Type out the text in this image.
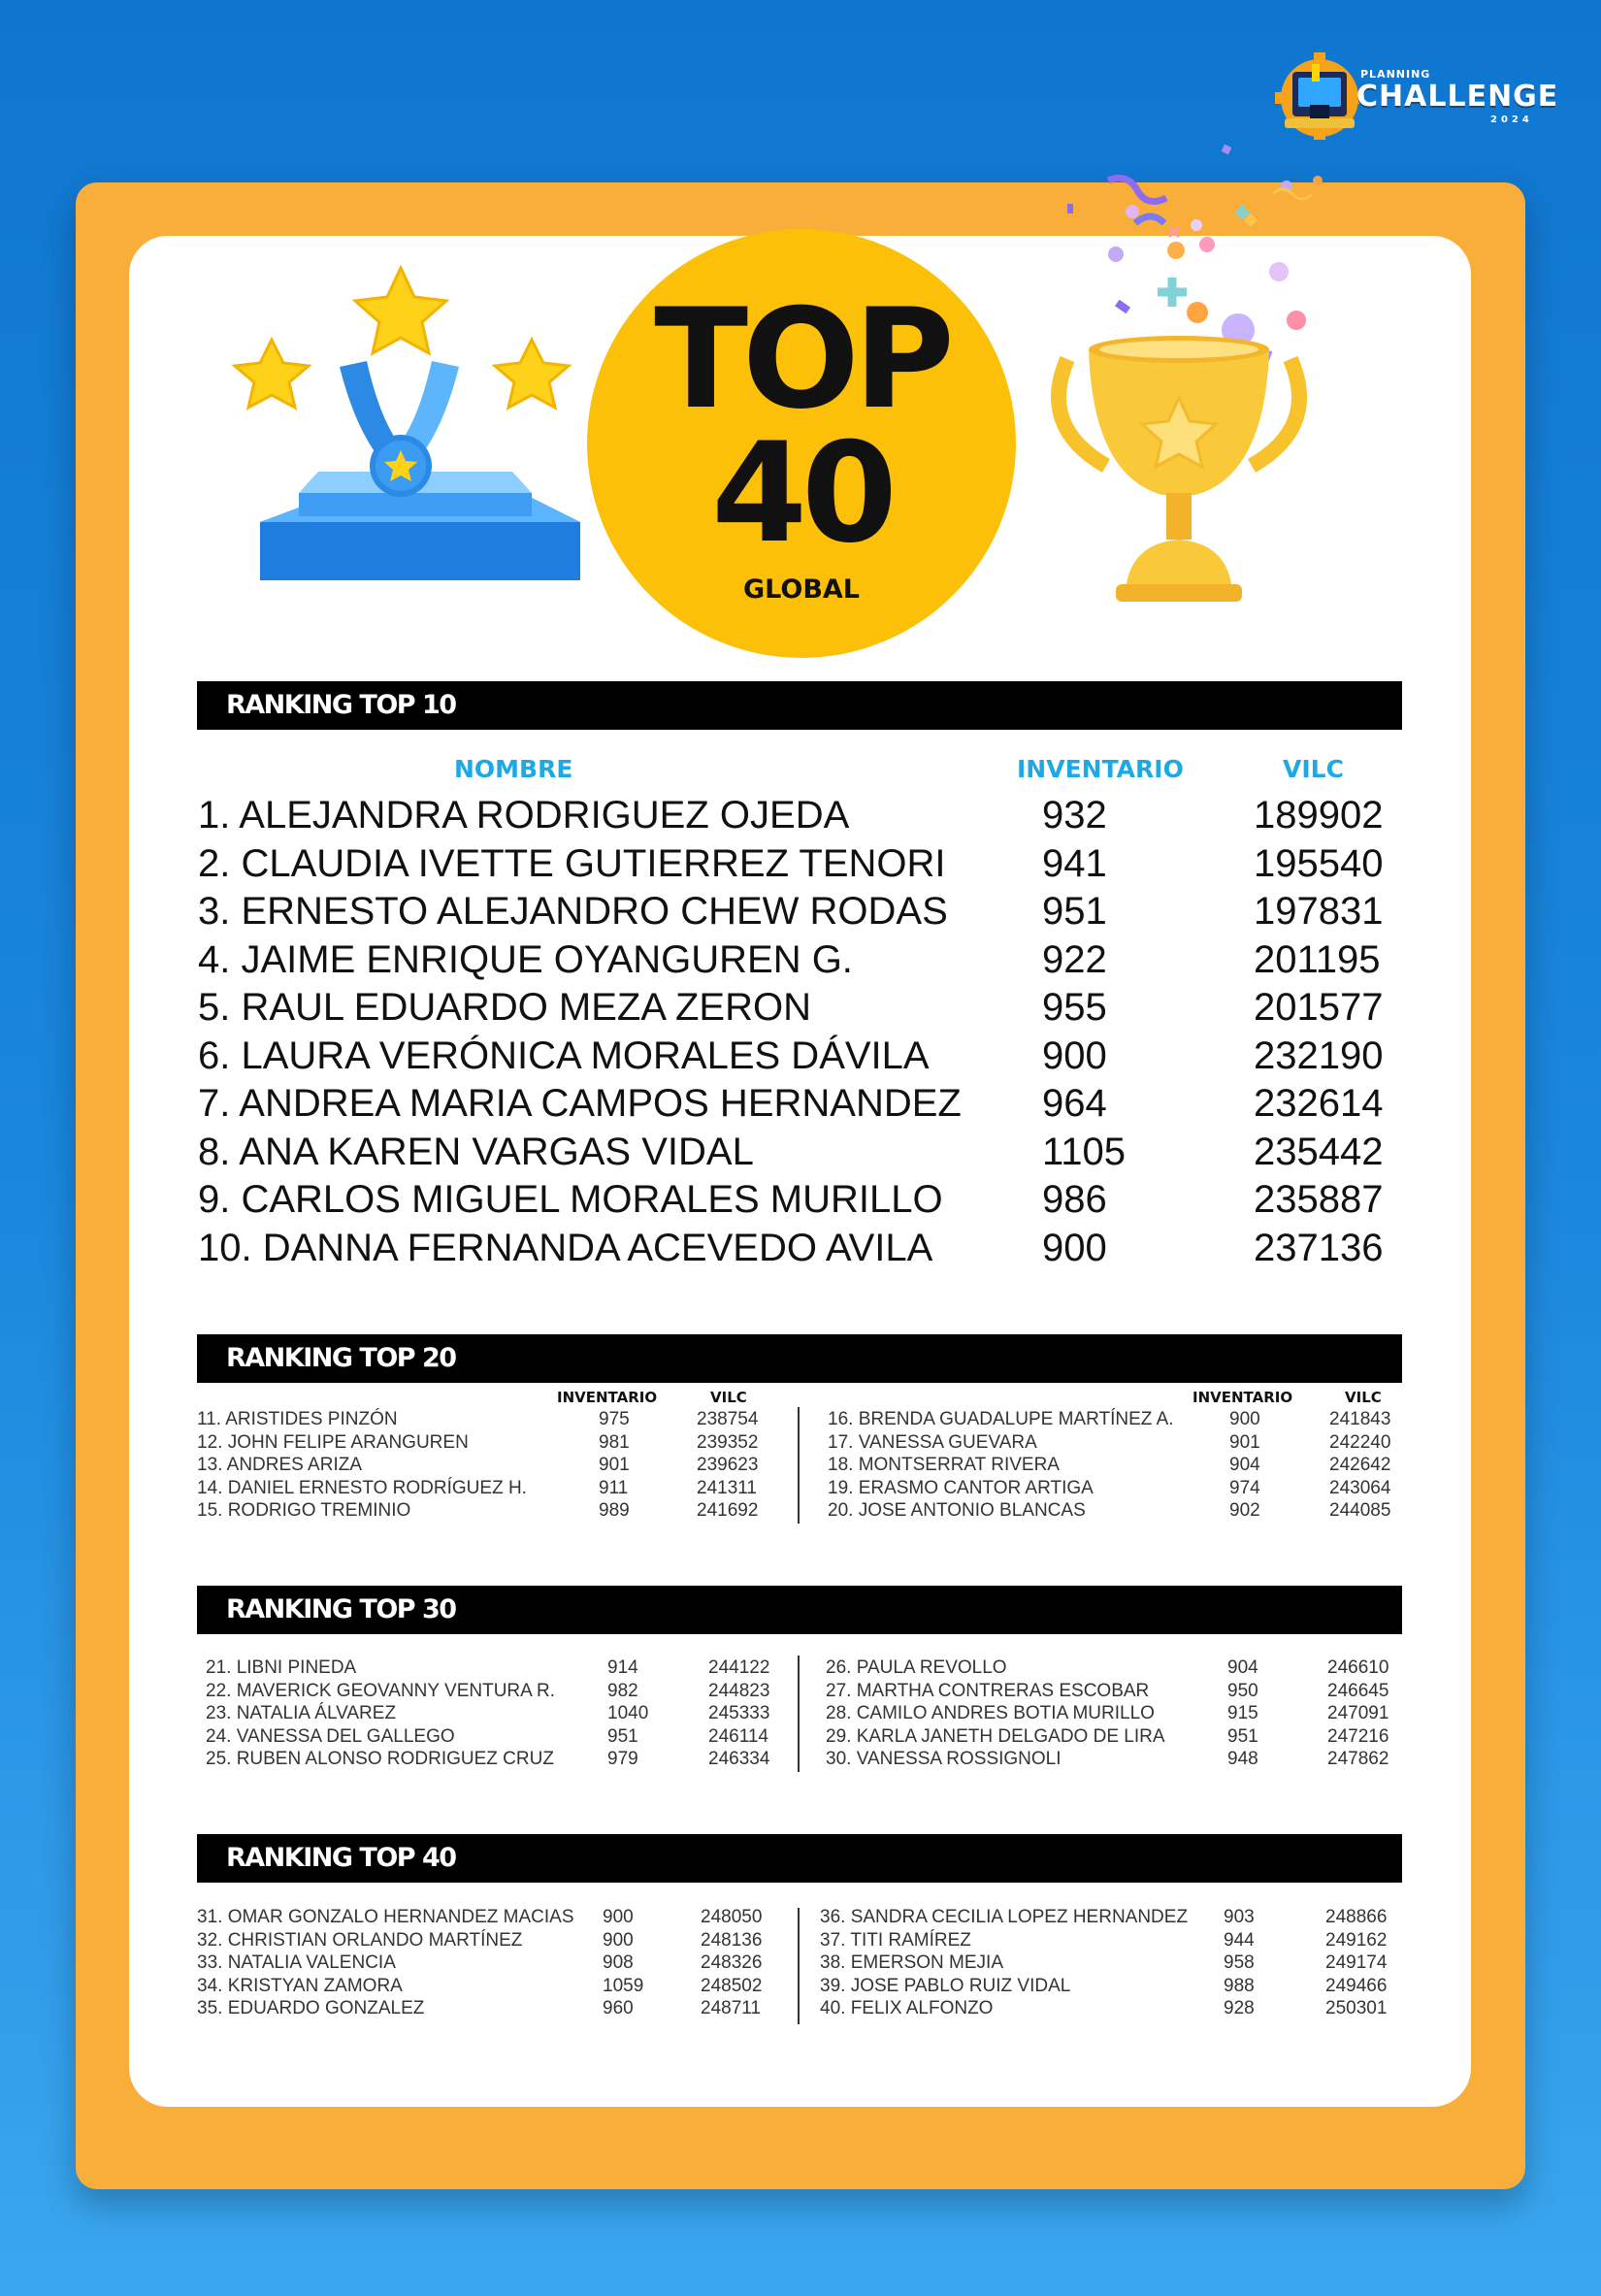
PLANNING
CHALLENGE
2024
TOP
40
GLOBAL
RANKING TOP 10
NOMBRE	INVENTARIO	VILC
1. ALEJANDRA RODRIGUEZ OJEDA	932	189902
2. CLAUDIA IVETTE GUTIERREZ TENORI 941	195540
3. ERNESTO ALEJANDRO CHEW RODAS 951	197831
4. JAIME ENRIQUE OYANGUREN G.	922	201195
5. RAUL EDUARDO MEZA ZERON	955	201577
6. LAURA VERÓNICA MORALES DÁVILA	900	232190
7. ANDREA MARIA CAMPOS HERNANDEZ 964	232614
8. ANA KAREN VARGAS VIDAL	1105	235442
9. CARLOS MIGUEL MORALES MURILLO	986	235887
10. DANNA FERNANDA ACEVEDO AVILA	900	237136
RANKING TOP 20
INVENTARIO	VILC	INVENTARIO	VILC
11. ARISTIDES PINZÓN	975	238754
12. JOHN FELIPE ARANGUREN	981	239352
13. ANDRES ARIZA	901	239623
14. DANIEL ERNESTO RODRÍGUEZ H.	911	241311
15. RODRIGO TREMINIO	989	241692
16. BRENDA GUADALUPE MARTÍNEZ A.	900	241843
17. VANESSA GUEVARA	901	242240
18. MONTSERRAT RIVERA	904	242642
19. ERASMO CANTOR ARTIGA	974	243064
20. JOSE ANTONIO BLANCAS	902	244085
RANKING TOP 30
21. LIBNI PINEDA	914	244122
22. MAVERICK GEOVANNY VENTURA R.	982	244823
23. NATALIA ÁLVAREZ	1040	245333
24. VANESSA DEL GALLEGO	951	246114
25. RUBEN ALONSO RODRIGUEZ CRUZ	979	246334
26. PAULA REVOLLO	904	246610
27. MARTHA CONTRERAS ESCOBAR	950	246645
28. CAMILO ANDRES BOTIA MURILLO	915	247091
29. KARLA JANETH DELGADO DE LIRA	951	247216
30. VANESSA ROSSIGNOLI	948	247862
RANKING TOP 40
31. OMAR GONZALO HERNANDEZ MACIAS 900	248050
32. CHRISTIAN ORLANDO MARTÍNEZ	900	248136
33. NATALIA VALENCIA	908	248326
34. KRISTYAN ZAMORA	1059	248502
35. EDUARDO GONZALEZ	960	248711
36. SANDRA CECILIA LOPEZ HERNANDEZ 903	248866
37. TITI RAMÍREZ	944	249162
38. EMERSON MEJIA	958	249174
39. JOSE PABLO RUIZ VIDAL	988	249466
40. FELIX ALFONZO	928	250301
